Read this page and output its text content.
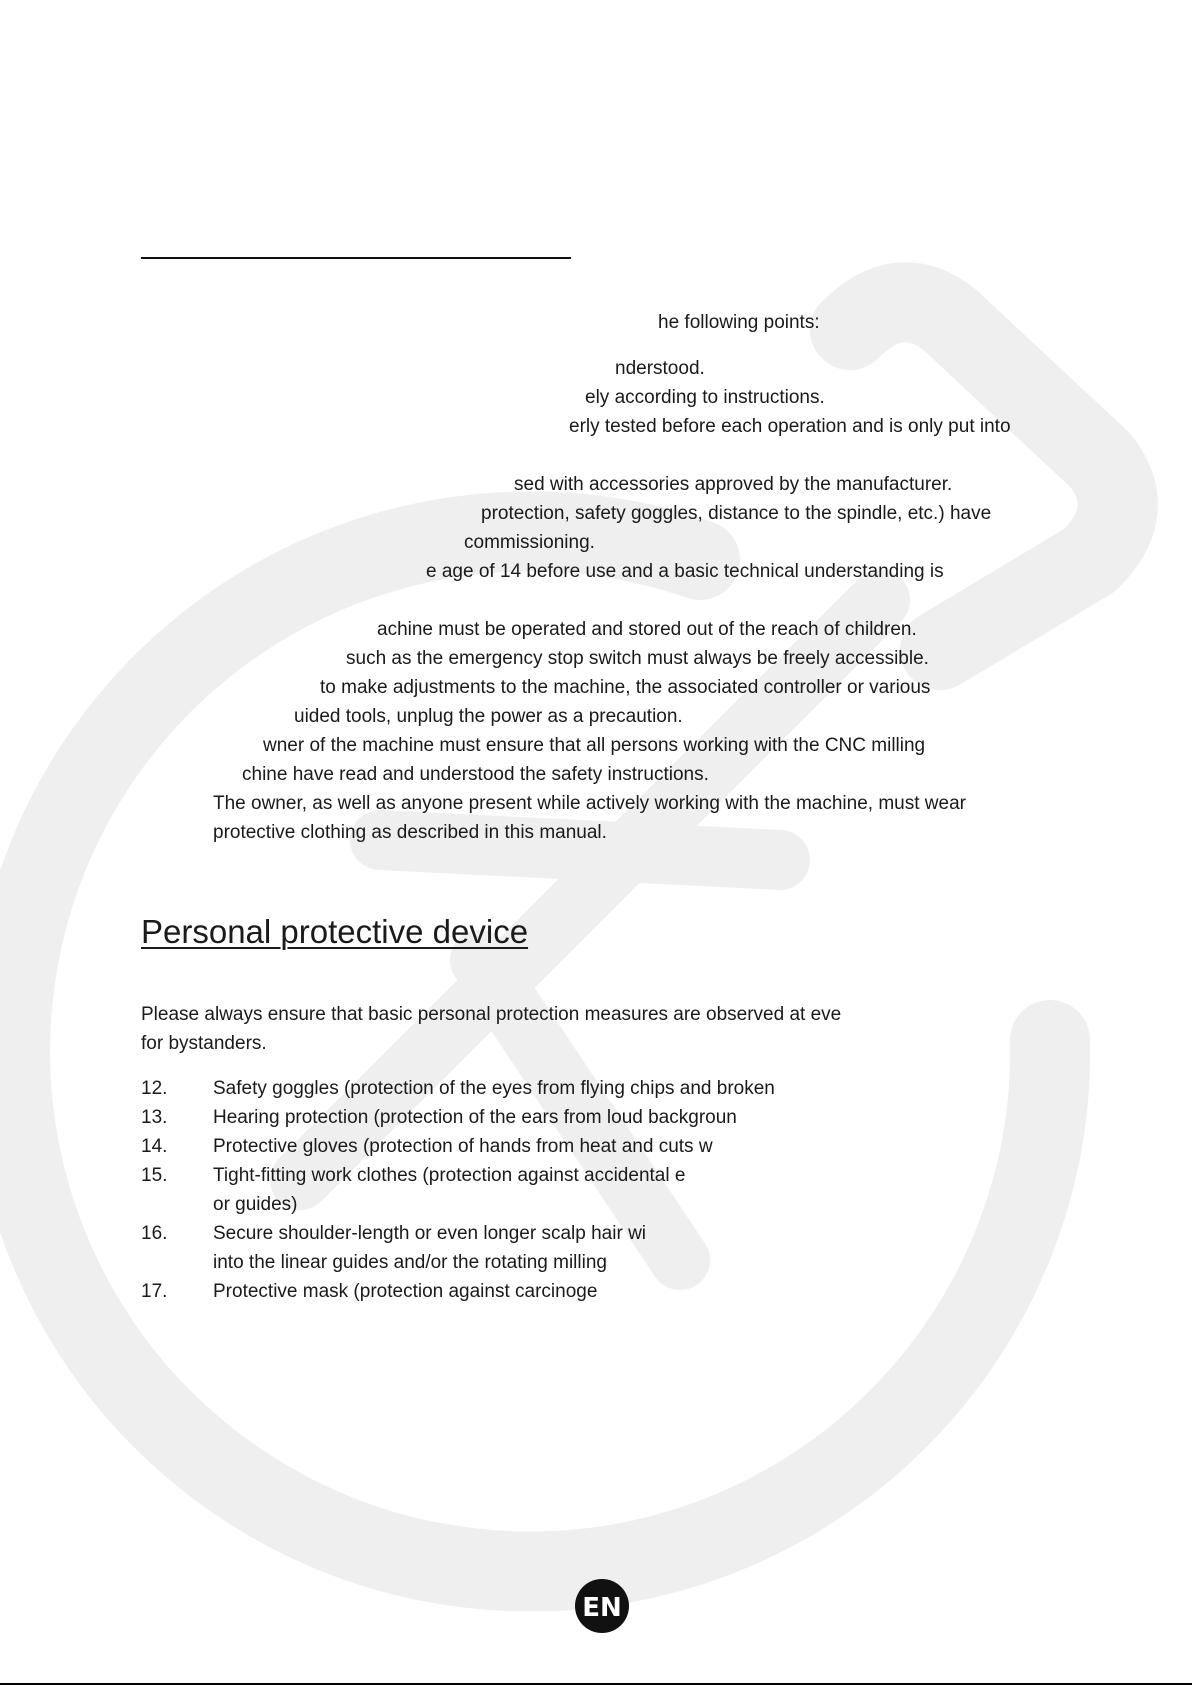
he following points:
nderstood.
ely according to instructions.
erly tested before each operation and is only put into
sed with accessories approved by the manufacturer.
protection, safety goggles, distance to the spindle, etc.) have
commissioning.
e age of 14 before use and a basic technical understanding is
achine must be operated and stored out of the reach of children.
such as the emergency stop switch must always be freely accessible.
to make adjustments to the machine, the associated controller or various
uided tools, unplug the power as a precaution.
wner of the machine must ensure that all persons working with the CNC milling
chine have read and understood the safety instructions.
The owner, as well as anyone present while actively working with the machine, must wear
protective clothing as described in this manual.
Personal protective device
Please always ensure that basic personal protection measures are observed at eve
for bystanders.
12. Safety goggles (protection of the eyes from flying chips and broken
13. Hearing protection (protection of the ears from loud backgroun
14. Protective gloves (protection of hands from heat and cuts w
15. Tight-fitting work clothes (protection against accidental e
or guides)
16. Secure shoulder-length or even longer scalp hair wi
into the linear guides and/or the rotating milling
17. Protective mask (protection against carcinoge
EN
